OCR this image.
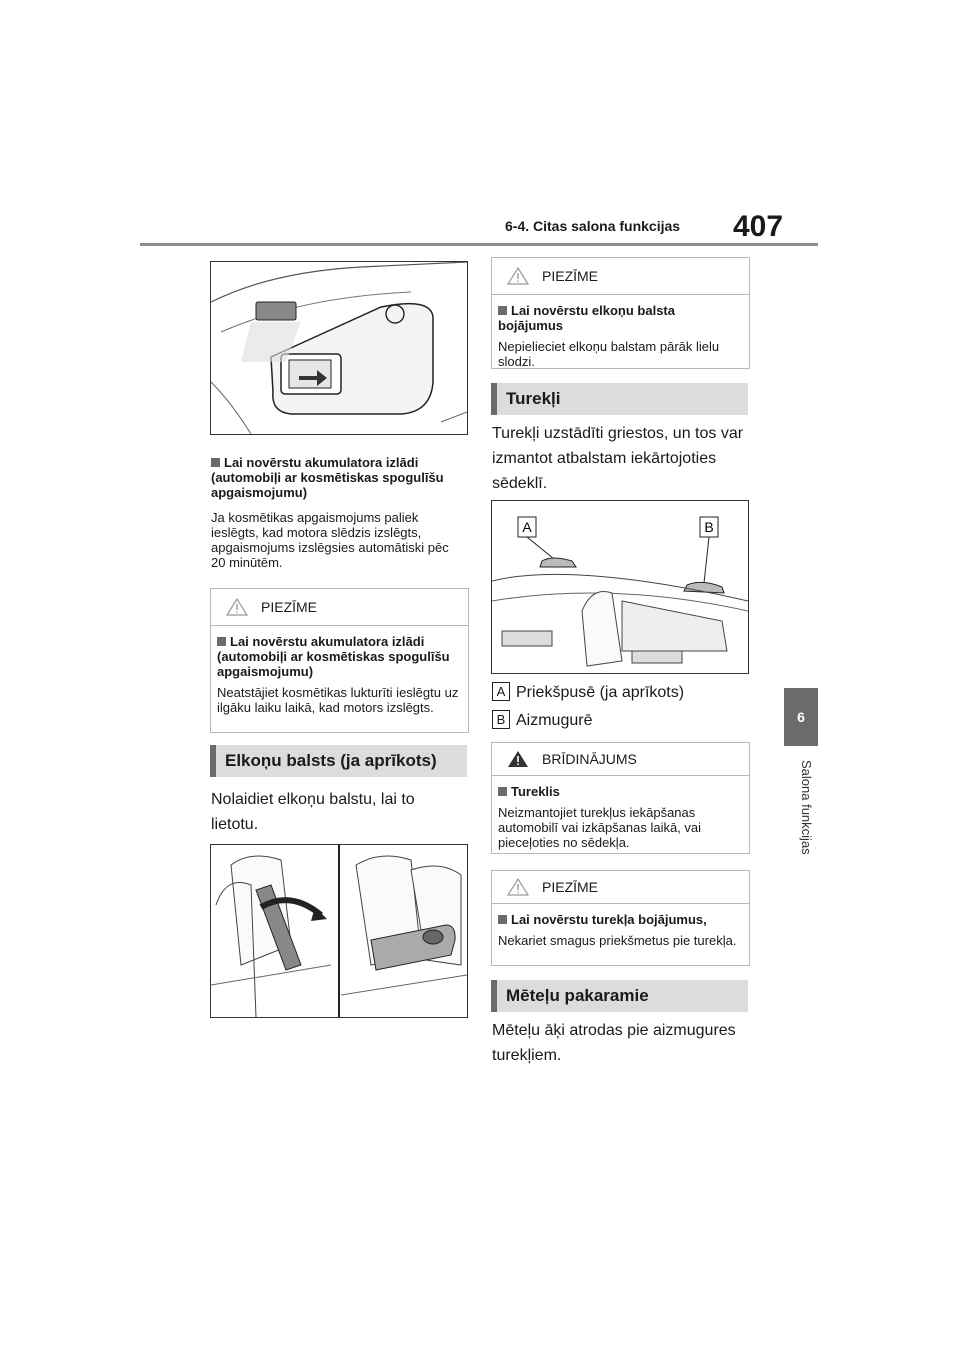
6-4. Citas salona funkcijas 407
6
Salona funkcijas
Lai novērstu akumulatora izlādi (automobiļi ar kosmētiskas spogulīšu apgaismojumu)
Ja kosmētikas apgaismojums paliek ieslēgts, kad motora slēdzis izslēgts, apgaismojums izslēgsies automātiski pēc 20 minūtēm.
PIEZĪME
Lai novērstu akumulatora izlādi (automobiļi ar kosmētiskas spogulīšu apgaismojumu)
Neatstājiet kosmētikas lukturīti ieslēgtu uz ilgāku laiku laikā, kad motors izslēgts.
Elkoņu balsts (ja aprīkots)
Nolaidiet elkoņu balstu, lai to lietotu.
PIEZĪME
Lai novērstu elkoņu balsta bojājumus
Nepielieciet elkoņu balstam pārāk lielu slodzi.
Turekļi
Turekļi uzstādīti griestos, un tos var izmantot atbalstam iekārtojoties sēdeklī.
A	B
A Priekšpusē (ja aprīkots)
B Aizmugurē
BRĪDINĀJUMS
Tureklis
Neizmantojiet turekļus iekāpšanas automobilī vai izkāpšanas laikā, vai pieceļoties no sēdekļa.
PIEZĪME
Lai novērstu turekļa bojājumus,
Nekariet smagus priekšmetus pie turekļa.
Mēteļu pakaramie
Mēteļu āķi atrodas pie aizmugures turekļiem.
